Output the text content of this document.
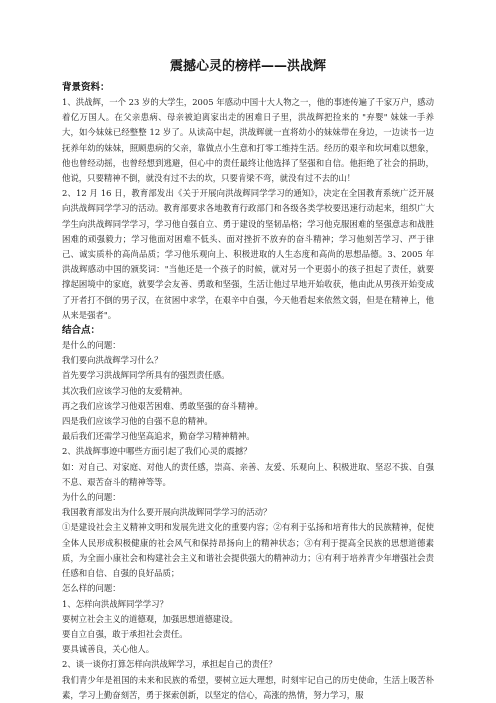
震撼心灵的榜样——洪战辉
背景资料：

1、洪战辉，一个 23 岁的大学生，2005 年感动中国十大人物之一，他的事迹传遍了千家万户，感动着亿万国人。在父亲患病、母亲被迫离家出走的困难日子里，洪战辉把捡来的 "弃婴" 妹妹一手养大，如今妹妹已经整整 12 岁了。从读高中起，洪战辉就一直将幼小的妹妹带在身边，一边读书一边抚养年幼的妹妹，照顾患病的父亲，靠做点小生意和打零工维持生活。经历的艰辛和坎坷难以想象，他也曾经动摇，也曾经想到逃避，但心中的责任最终让他选择了坚强和自信。他拒绝了社会的捐助，他说，只要精神不倒，就没有过不去的坎，只要肯梁不弯，就没有过不去的山！

2、12 月 16 日，教育部发出《关于开展向洪战辉同学学习的通知》，决定在全国教育系统广泛开展向洪战辉同学学习的活动。教育部要求各地教育行政部门和各级各类学校要迅速行动起来，组织广大学生向洪战辉同学学习，学习他自强自立、勇于建设的坚韧品格；学习他克服困难的坚强意志和战胜困难的顽强毅力；学习他面对困难不低头、面对挫折不放弃的奋斗精神；学习他刻苦学习、严于律己、诚实质朴的高尚品质；学习他乐观向上、积极进取的人生态度和高尚的思想品德。3、2005 年洪战辉感动中国的颁奖词："当他还是一个孩子的时候，就对另一个更弱小的孩子担起了责任，就要撑起困境中的家庭，就要学会友善、勇敢和坚强，生活让他过早地开始收获，他由此从男孩开始变成了开者打不倒的男子汉，在贫困中求学，在艰辛中自强，今天他看起来依然文弱，但是在精神上，他从来是强者"。

结合点：

是什么的问题：

我们要向洪战辉学习什么？

首先要学习洪战辉同学所具有的强烈责任感。

其次我们应该学习他的友爱精神。

再之我们应该学习他艰苦困难、勇敢坚强的奋斗精神。

四是我们应该学习他的自强不息的精神。

最后我们还需学习他坚高追求，勤奋学习精神精神。

2、洪战辉事迹中哪些方面引起了我们心灵的震撼？

如：对自己、对家庭、对他人的责任感，崇高、亲善、友爱、乐观向上、积极进取、坚忍不拔、自强不息、艰苦奋斗的精神等等。

为什么的问题：

我国教育部发出为什么要开展向洪战辉同学学习的活动？

①是建设社会主义精神文明和发展先进文化的重要内容；②有利于弘扬和培育伟大的民族精神，促使全体人民形成积极健康的社会风气和保持昂扬向上的精神状态；③有利于提高全民族的思想道德素质，为全面小康社会和构建社会主义和谐社会提供强大的精神动力；④有利于培养青少年增强社会责任感和自信、自强的良好品质；

怎么样的问题：

1、怎样向洪战辉同学学习？

要树立社会主义的道德观，加强思想道德建设。

要自立自强，敢于承担社会责任。

要具诚善良，关心他人。

2、谈一谈你打算怎样向洪战辉学习，承担起自己的责任？

我们青少年是祖国的未来和民族的希望，要树立远大理想，时刻牢记自己的历史使命，生活上吸苦朴素，学习上勤奋刻苦，勇于探索创新，以坚定的信心，高涨的热情，努力学习，服
